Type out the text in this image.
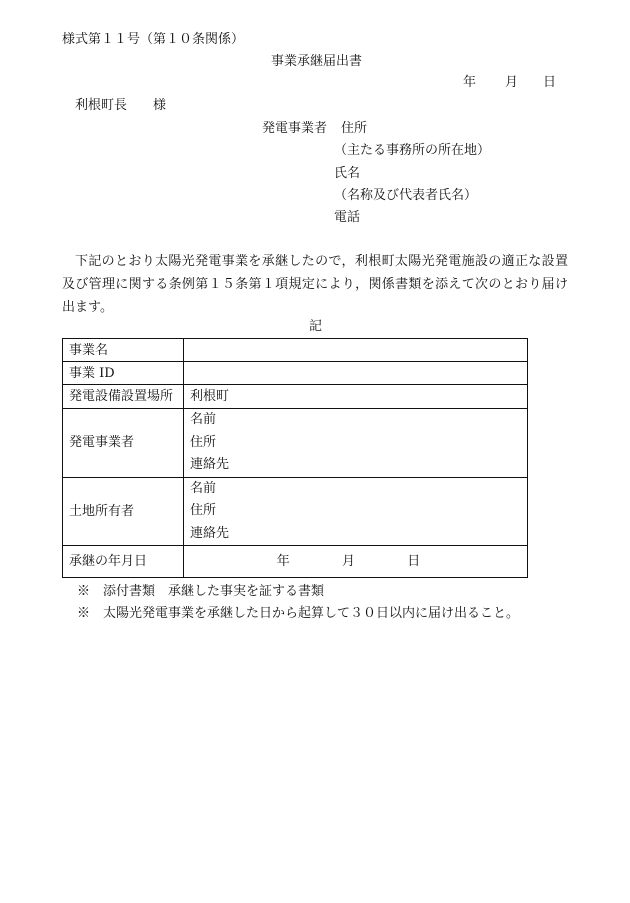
様式第１１号（第１０条関係）
事業承継届出書
年 月 日
利根町長　　様
発電事業者 住所
（主たる事務所の所在地）
氏名
（名称及び代表者氏名）
電話
下記のとおり太陽光発電事業を承継したので，利根町太陽光発電施設の適正な設置及び管理に関する条例第１５条第１項規定により，関係書類を添えて次のとおり届け出ます。
記
事業名	
事業 ID	
発電設備設置場所	利根町
発電事業者	名前
住所
連絡先

土地所有者	名前
住所
連絡先

承継の年月日	年 月 日
※　添付書類　承継した事実を証する書類
※　太陽光発電事業を承継した日から起算して３０日以内に届け出ること。
